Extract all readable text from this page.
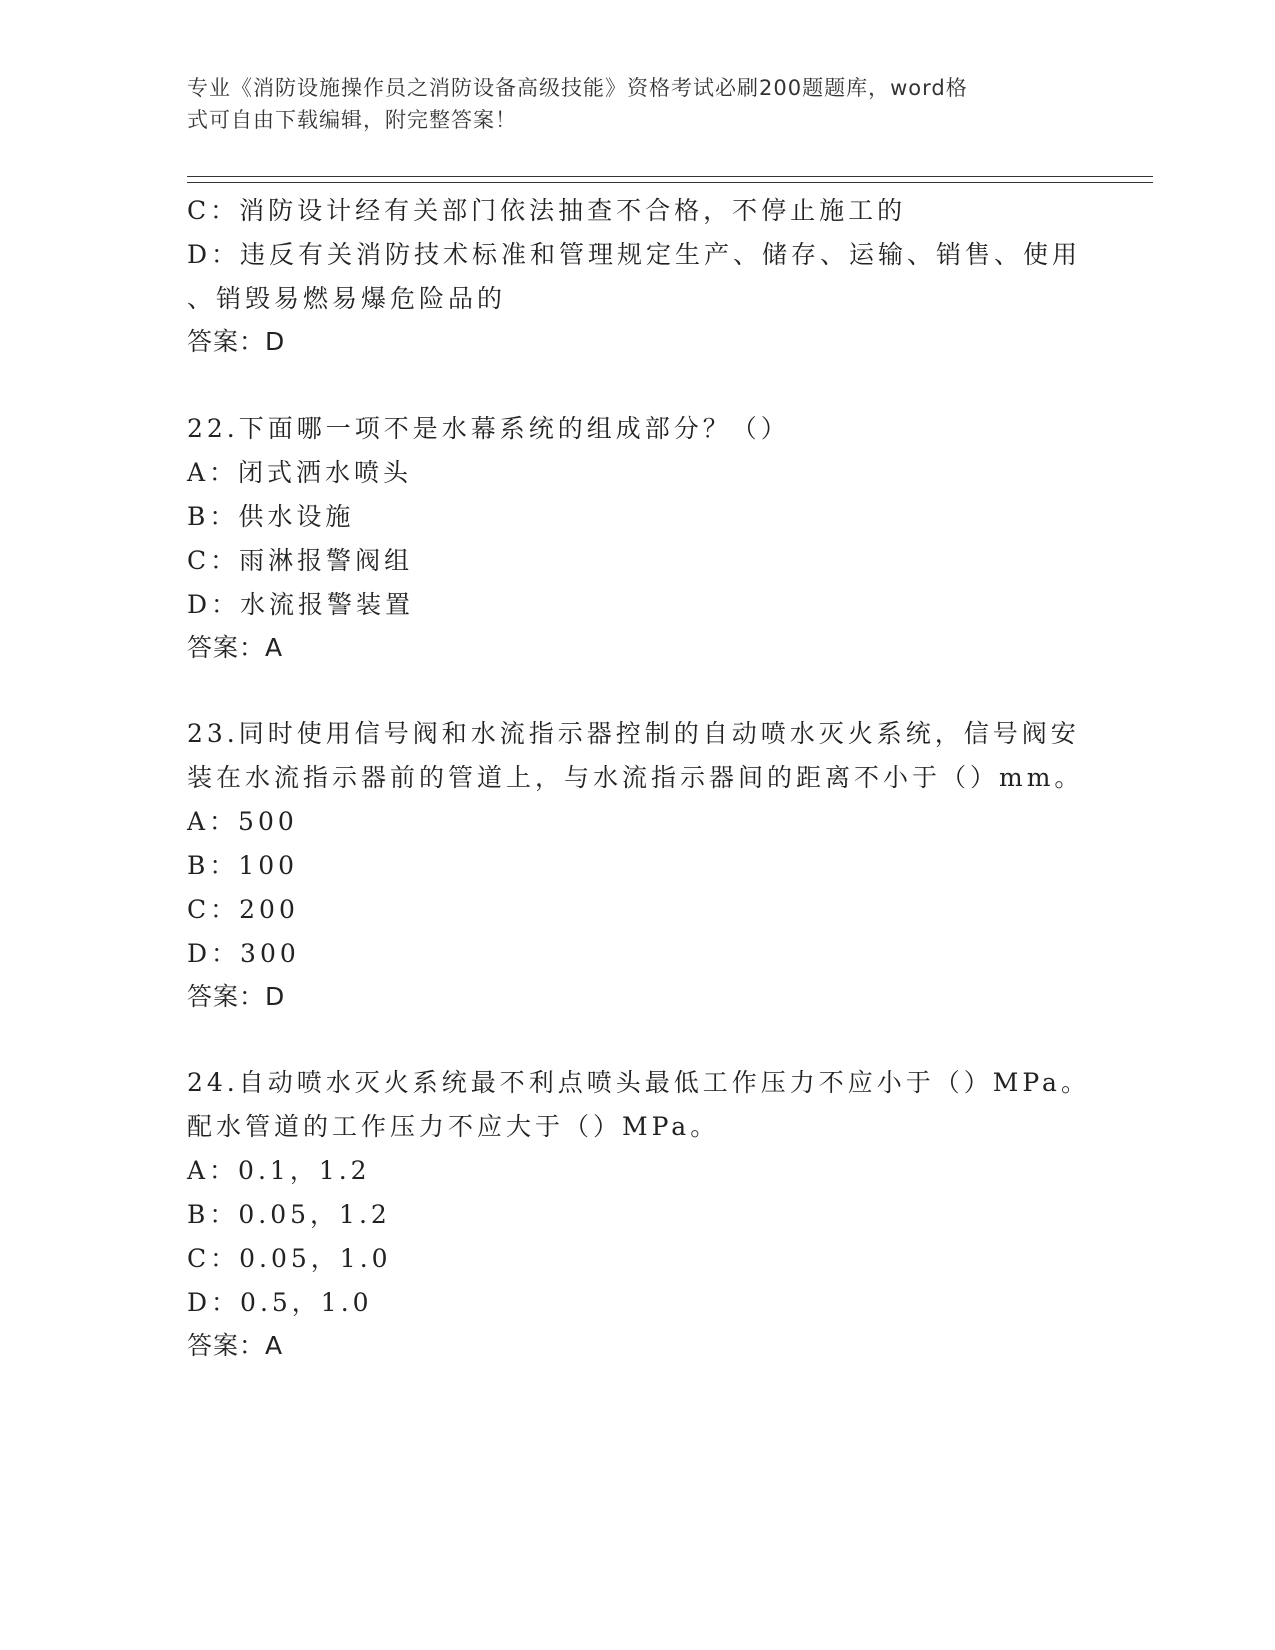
专业《消防设施操作员之消防设备高级技能》资格考试必刷200题题库，word格
式可自由下载编辑，附完整答案！
C：消防设计经有关部门依法抽查不合格，不停止施工的
D：违反有关消防技术标准和管理规定生产、储存、运输、销售、使用
、销毁易燃易爆危险品的
答案：D
22.下面哪一项不是水幕系统的组成部分？（）
A：闭式洒水喷头
B：供水设施
C：雨淋报警阀组
D：水流报警装置
答案：A
23.同时使用信号阀和水流指示器控制的自动喷水灭火系统，信号阀安
装在水流指示器前的管道上，与水流指示器间的距离不小于（）mm。
A：500
B：100
C：200
D：300
答案：D
24.自动喷水灭火系统最不利点喷头最低工作压力不应小于（）MPa。
配水管道的工作压力不应大于（）MPa。
A：0.1，1.2
B：0.05，1.2
C：0.05，1.0
D：0.5，1.0
答案：A
